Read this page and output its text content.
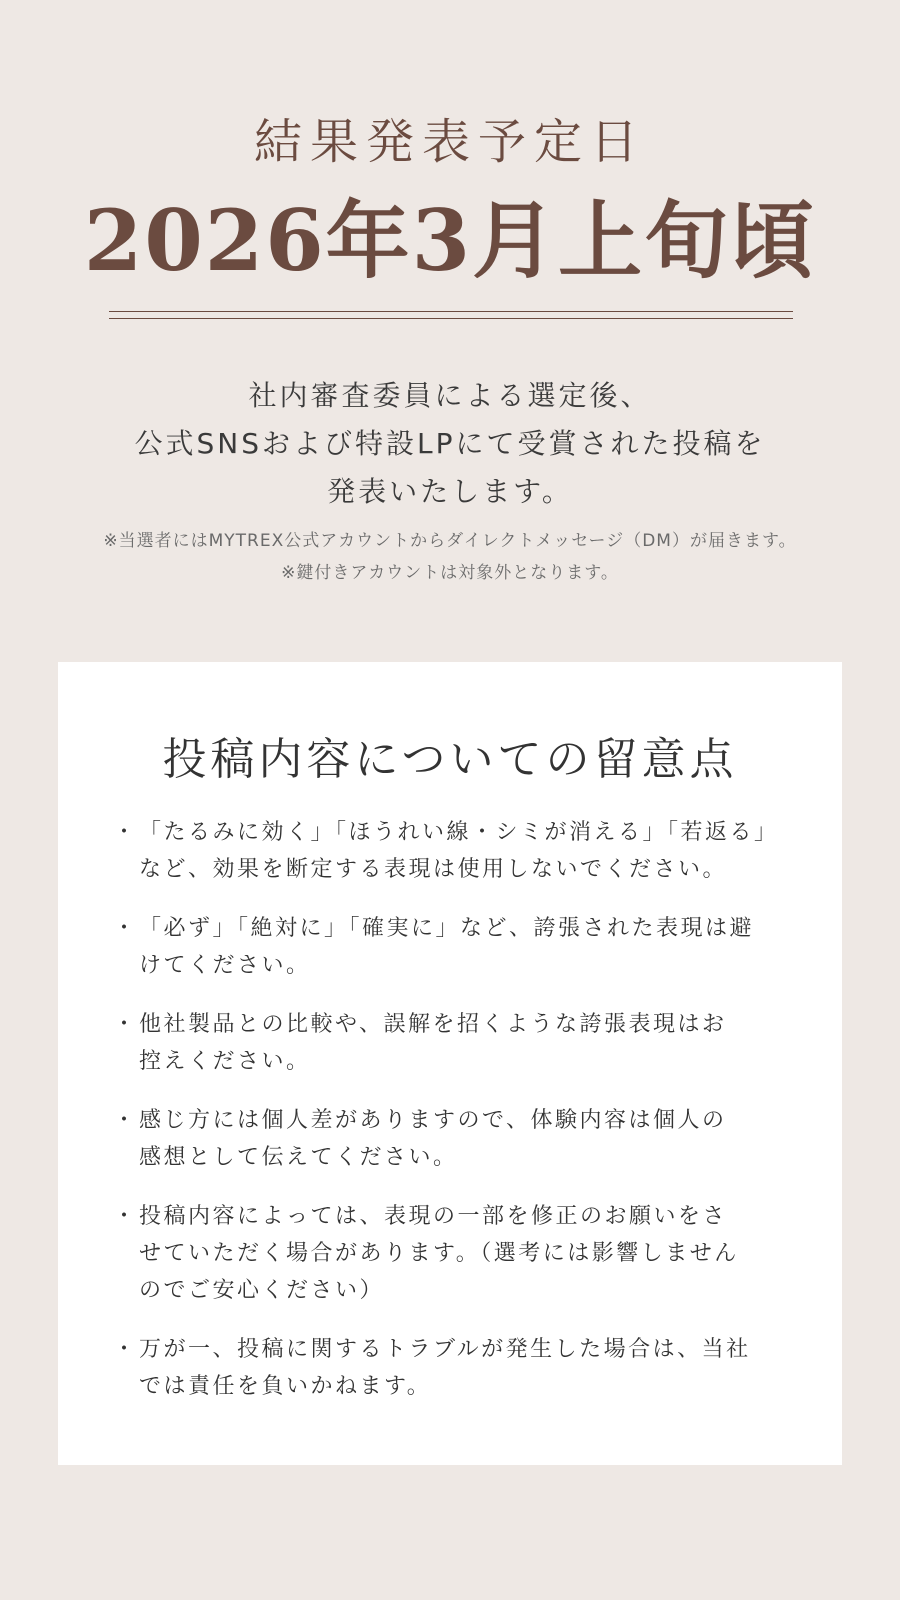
結果発表予定日
2026年3月上旬頃
社内審査委員による選定後、
公式SNSおよび特設LPにて受賞された投稿を
発表いたします。
※当選者にはMYTREX公式アカウントからダイレクトメッセージ（DM）が届きます。
※鍵付きアカウントは対象外となります。
投稿内容についての留意点
・ 「たるみに効く」「ほうれい線・シミが消える」「若返る」
など、効果を断定する表現は使用しないでください。
・ 「必ず」「絶対に」「確実に」など、誇張された表現は避
けてください。
・ 他社製品との比較や、誤解を招くような誇張表現はお
控えください。
・ 感じ方には個人差がありますので、体験内容は個人の
感想として伝えてください。
・ 投稿内容によっては、表現の一部を修正のお願いをさ
せていただく場合があります。（選考には影響しません
のでご安心ください）
・ 万が一、投稿に関するトラブルが発生した場合は、当社
では責任を負いかねます。
